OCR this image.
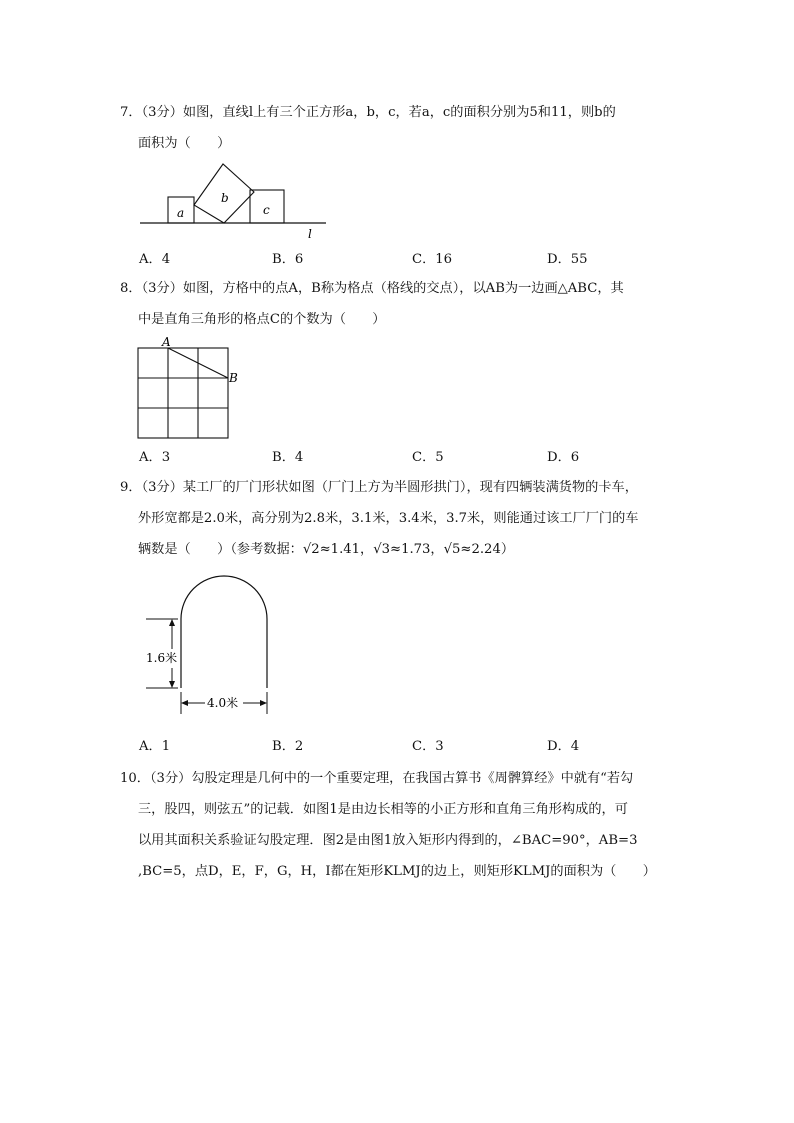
7．（3分）如图，直线l上有三个正方形a，b，c，若a，c的面积分别为5和11，则b的
面积为（　　）
a
b
c
l
A．4	B．6	C．16	D．55
8．（3分）如图，方格中的点A，B称为格点（格线的交点），以AB为一边画△ABC，其
中是直角三角形的格点C的个数为（　　）
A
B
A．3	B．4	C．5	D．6
9．（3分）某工厂的厂门形状如图（厂门上方为半圆形拱门），现有四辆装满货物的卡车，
外形宽都是2.0米，高分别为2.8米，3.1米，3.4米，3.7米，则能通过该工厂厂门的车
辆数是（　　）（参考数据：√2≈1.41，√3≈1.73，√5≈2.24）
1.6米
4.0米
A．1	B．2	C．3	D．4
10．（3分）勾股定理是几何中的一个重要定理，在我国古算书《周髀算经》中就有“若勾
三，股四，则弦五”的记载．如图1是由边长相等的小正方形和直角三角形构成的，可
以用其面积关系验证勾股定理．图2是由图1放入矩形内得到的，∠BAC=90°，AB=3
,BC=5，点D，E，F，G，H，I都在矩形KLMJ的边上，则矩形KLMJ的面积为（　　）
